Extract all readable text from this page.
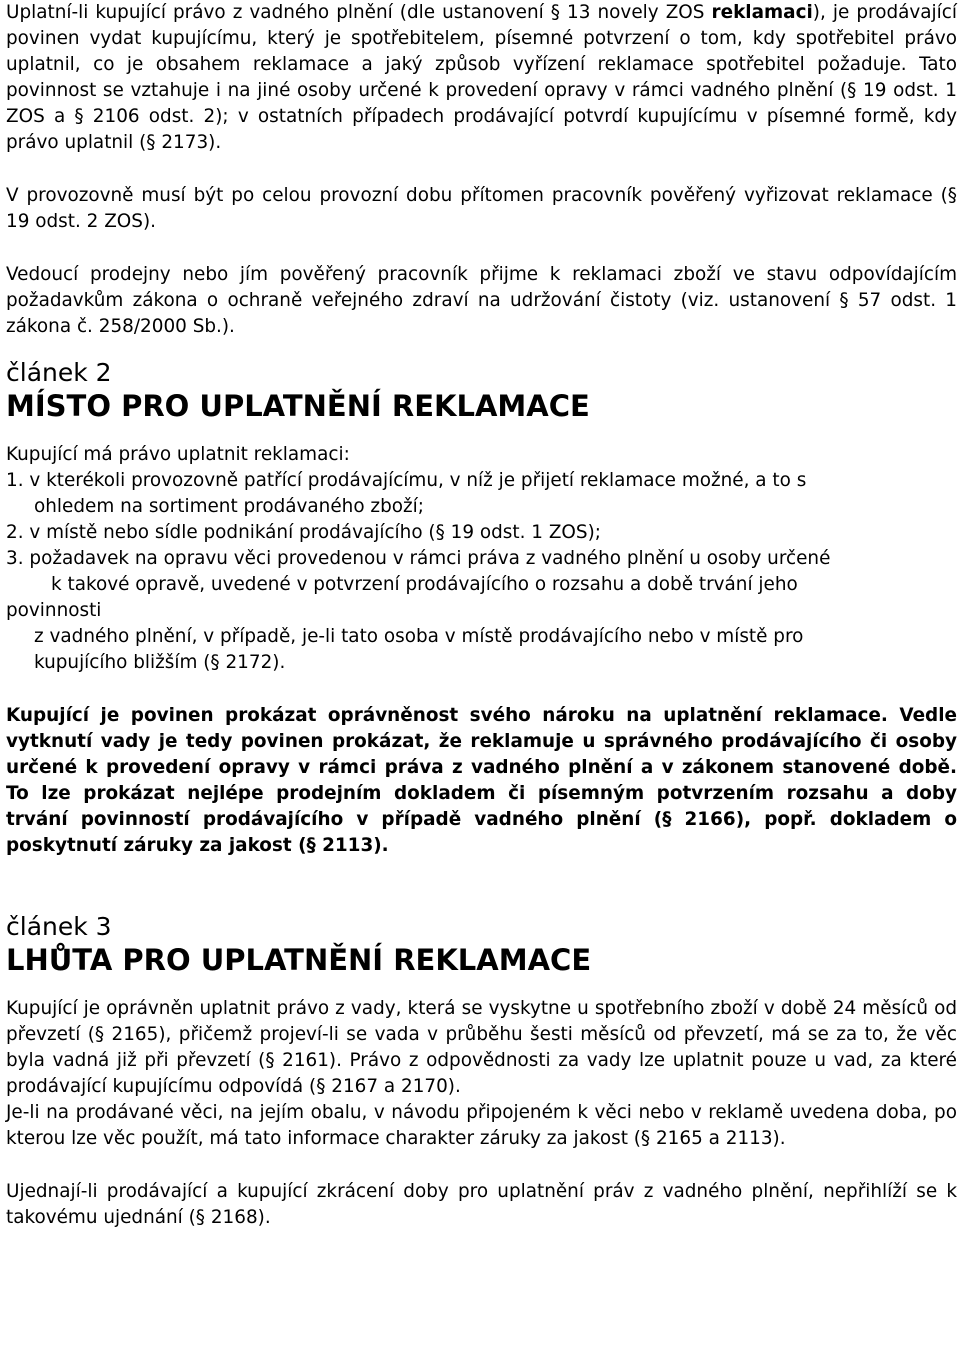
Uplatní-li kupující právo z vadného plnění (dle ustanovení § 13 novely ZOS reklamaci), je prodávající povinen vydat kupujícímu, který je spotřebitelem, písemné potvrzení o tom, kdy spotřebitel právo uplatnil, co je obsahem reklamace a jaký způsob vyřízení reklamace spotřebitel požaduje. Tato povinnost se vztahuje i na jiné osoby určené k provedení opravy v rámci vadného plnění (§ 19 odst. 1 ZOS a § 2106 odst. 2); v ostatních případech prodávající potvrdí kupujícímu v písemné formě, kdy právo uplatnil (§ 2173).

V provozovně musí být po celou provozní dobu přítomen pracovník pověřený vyřizovat reklamace (§ 19 odst. 2 ZOS).

Vedoucí prodejny nebo jím pověřený pracovník přijme k reklamaci zboží ve stavu odpovídajícím požadavkům zákona o ochraně veřejného zdraví na udržování čistoty (viz. ustanovení § 57 odst. 1 zákona č. 258/2000 Sb.).

článek 2

MÍSTO PRO UPLATNĚNÍ REKLAMACE

Kupující má právo uplatnit reklamaci:

1. v kterékoli provozovně patřící prodávajícímu, v níž je přijetí reklamace možné, a to s

ohledem na sortiment prodávaného zboží;

2. v místě nebo sídle podnikání prodávajícího (§ 19 odst. 1 ZOS);

3. požadavek na opravu věci provedenou v rámci práva z vadného plnění u osoby určené

k takové opravě, uvedené v potvrzení prodávajícího o rozsahu a době trvání jeho

povinnosti

z vadného plnění, v případě, je-li tato osoba v místě prodávajícího nebo v místě pro

kupujícího bližším (§ 2172).

Kupující je povinen prokázat oprávněnost svého nároku na uplatnění reklamace. Vedle vytknutí vady je tedy povinen prokázat, že reklamuje u správného prodávajícího či osoby určené k provedení opravy v rámci práva z vadného plnění a v zákonem stanovené době. To lze prokázat nejlépe prodejním dokladem či písemným potvrzením rozsahu a doby trvání povinností prodávajícího v případě vadného plnění (§ 2166), popř. dokladem o poskytnutí záruky za jakost (§ 2113).

článek 3

LHŮTA PRO UPLATNĚNÍ REKLAMACE

Kupující je oprávněn uplatnit právo z vady, která se vyskytne u spotřebního zboží v době 24 měsíců od převzetí (§ 2165), přičemž projeví-li se vada v průběhu šesti měsíců od převzetí, má se za to, že věc byla vadná již při převzetí (§ 2161). Právo z odpovědnosti za vady lze uplatnit pouze u vad, za které prodávající kupujícímu odpovídá (§ 2167 a 2170).

Je-li na prodávané věci, na jejím obalu, v návodu připojeném k věci nebo v reklamě uvedena doba, po kterou lze věc použít, má tato informace charakter záruky za jakost (§ 2165 a 2113).

Ujednají-li prodávající a kupující zkrácení doby pro uplatnění práv z vadného plnění, nepřihlíží se k takovému ujednání (§ 2168).
